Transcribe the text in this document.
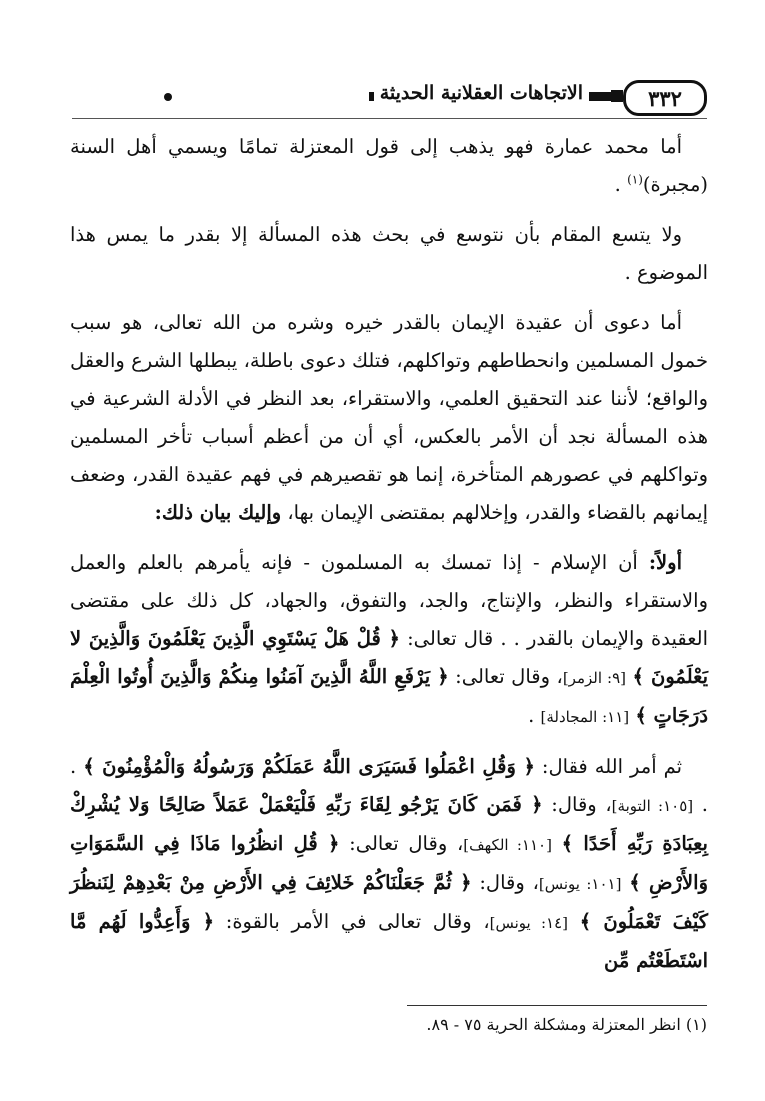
٣٣٢
الاتجاهات العقلانية الحديثة

أما محمد عمارة فهو يذهب إلى قول المعتزلة تمامًا ويسمي أهل السنة (مجبرة)$^{(١)}$ .

ولا يتسع المقام بأن نتوسع في بحث هذه المسألة إلا بقدر ما يمس هذا الموضوع .

أما دعوى أن عقيدة الإيمان بالقدر خيره وشره من الله تعالى، هو سبب خمول المسلمين وانحطاطهم وتواكلهم، فتلك دعوى باطلة، يبطلها الشرع والعقل والواقع؛ لأننا عند التحقيق العلمي، والاستقراء، بعد النظر في الأدلة الشرعية في هذه المسألة نجد أن الأمر بالعكس، أي أن من أعظم أسباب تأخر المسلمين وتواكلهم في عصورهم المتأخرة، إنما هو تقصيرهم في فهم عقيدة القدر، وضعف إيمانهم بالقضاء والقدر، وإخلالهم بمقتضى الإيمان بها، وإليك بيان ذلك:

أولاً: أن الإسلام - إذا تمسك به المسلمون - فإنه يأمرهم بالعلم والعمل والاستقراء والنظر، والإنتاج، والجد، والتفوق، والجهاد، كل ذلك على مقتضى العقيدة والإيمان بالقدر . . قال تعالى: ﴿ قُلْ هَلْ يَسْتَوِي الَّذِينَ يَعْلَمُونَ وَالَّذِينَ لا يَعْلَمُونَ ﴾ [٩: الزمر]، وقال تعالى: ﴿ يَرْفَعِ اللَّهُ الَّذِينَ آمَنُوا مِنكُمْ وَالَّذِينَ أُوتُوا الْعِلْمَ دَرَجَاتٍ ﴾ [١١: المجادلة] .

ثم أمر الله فقال: ﴿ وَقُلِ اعْمَلُوا فَسَيَرَى اللَّهُ عَمَلَكُمْ وَرَسُولُهُ وَالْمُؤْمِنُونَ ﴾ . . [١٠٥: التوبة]، وقال: ﴿ فَمَن كَانَ يَرْجُو لِقَاءَ رَبِّهِ فَلْيَعْمَلْ عَمَلاً صَالِحًا وَلا يُشْرِكْ بِعِبَادَةِ رَبِّهِ أَحَدًا ﴾ [١١٠: الكهف]، وقال تعالى: ﴿ قُلِ انظُرُوا مَاذَا فِي السَّمَوَاتِ وَالأَرْضِ ﴾ [١٠١: يونس]، وقال: ﴿ ثُمَّ جَعَلْنَاكُمْ خَلائِفَ فِي الأَرْضِ مِنْ بَعْدِهِمْ لِنَنظُرَ كَيْفَ تَعْمَلُونَ ﴾ [١٤: يونس]، وقال تعالى في الأمر بالقوة: ﴿ وَأَعِدُّوا لَهُم مَّا اسْتَطَعْتُم مِّن

(١) انظر المعتزلة ومشكلة الحرية ٧٥ - ٨٩.
